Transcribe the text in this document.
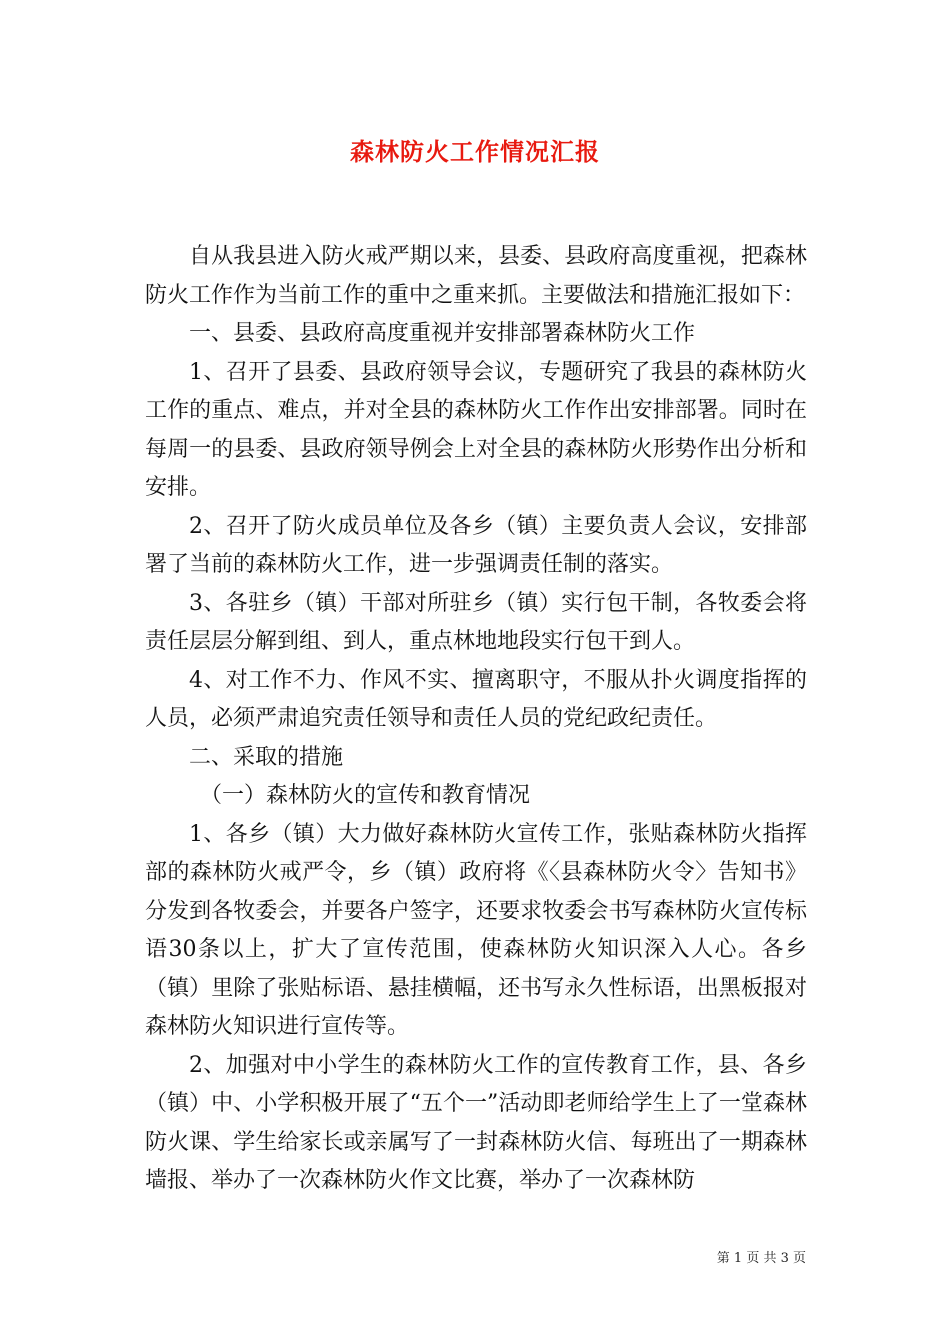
森林防火工作情况汇报

自从我县进入防火戒严期以来，县委、县政府高度重视，把森林防火工作作为当前工作的重中之重来抓。主要做法和措施汇报如下：

一、县委、县政府高度重视并安排部署森林防火工作

1、召开了县委、县政府领导会议，专题研究了我县的森林防火工作的重点、难点，并对全县的森林防火工作作出安排部署。同时在每周一的县委、县政府领导例会上对全县的森林防火形势作出分析和安排。

2、召开了防火成员单位及各乡（镇）主要负责人会议，安排部署了当前的森林防火工作，进一步强调责任制的落实。

3、各驻乡（镇）干部对所驻乡（镇）实行包干制，各牧委会将责任层层分解到组、到人，重点林地地段实行包干到人。

4、对工作不力、作风不实、擅离职守，不服从扑火调度指挥的人员，必须严肃追究责任领导和责任人员的党纪政纪责任。

二、采取的措施

（一）森林防火的宣传和教育情况

1、各乡（镇）大力做好森林防火宣传工作，张贴森林防火指挥部的森林防火戒严令，乡（镇）政府将《〈县森林防火令〉告知书》分发到各牧委会，并要各户签字，还要求牧委会书写森林防火宣传标语30条以上，扩大了宣传范围，使森林防火知识深入人心。各乡（镇）里除了张贴标语、悬挂横幅，还书写永久性标语，出黑板报对森林防火知识进行宣传等。

2、加强对中小学生的森林防火工作的宣传教育工作，县、各乡（镇）中、小学积极开展了“五个一”活动即老师给学生上了一堂森林防火课、学生给家长或亲属写了一封森林防火信、每班出了一期森林墙报、举办了一次森林防火作文比赛，举办了一次森林防

第 1 页 共 3 页
